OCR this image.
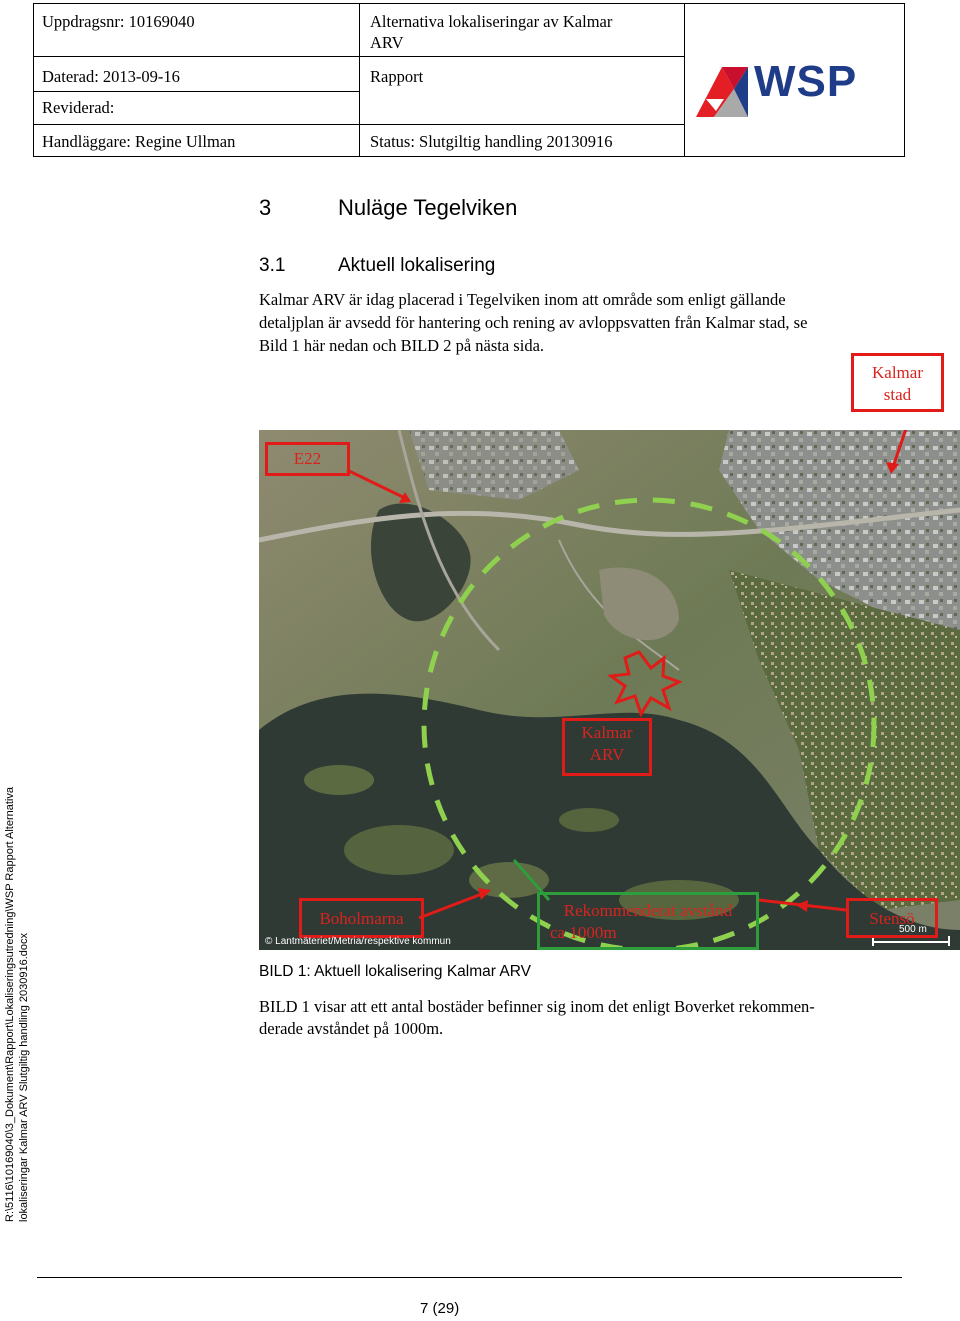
Uppdragsnr: 10169040	Alternativa lokaliseringar av Kalmar
ARV
Daterad: 2013-09-16	Rapport
Reviderad:
Handläggare: Regine Ullman	Status: Slutgiltig handling 20130916
WSP
3	Nuläge Tegelviken
3.1	Aktuell lokalisering
Kalmar ARV är idag placerad i Tegelviken inom att område som enligt gällande
detaljplan är avsedd för hantering och rening av avloppsvatten från Kalmar stad, se
Bild 1 här nedan och BILD 2 på nästa sida.
Kalmar
stad
E22
Kalmar
ARV
Boholmarna	Rekommenderat avstånd
ca 1000m
Stensö
© Lantmäteriet/Metria/respektive kommun
500 m
BILD 1: Aktuell lokalisering Kalmar ARV
BILD 1 visar att ett antal bostäder befinner sig inom det enligt Boverket rekommen-
derade avståndet på 1000m.
R:\5116\10169040\3_Dokument\Rapport\Lokaliseringsutredning\WSP Rapport Alternativa lokaliseringar Kalmar ARV Slutgiltig handling 2030916.docx
7 (29)
